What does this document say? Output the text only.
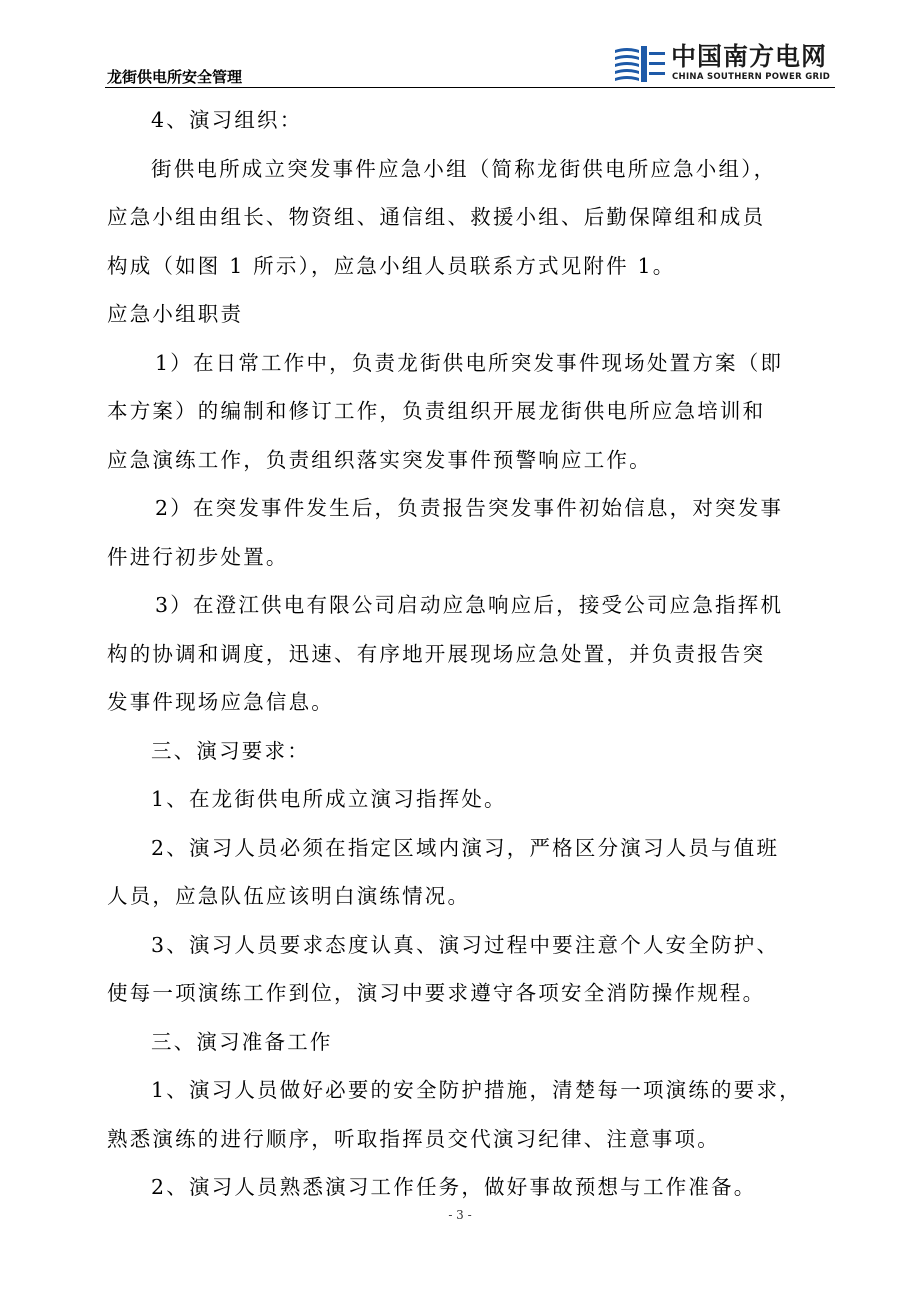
龙街供电所安全管理
中国南方电网
CHINA SOUTHERN POWER GRID
4、演习组织：
街供电所成立突发事件应急小组（简称龙街供电所应急小组），
应急小组由组长、物资组、通信组、救援小组、后勤保障组和成员
构成（如图 1 所示），应急小组人员联系方式见附件 1。
应急小组职责
1）在日常工作中，负责龙街供电所突发事件现场处置方案（即
本方案）的编制和修订工作，负责组织开展龙街供电所应急培训和
应急演练工作，负责组织落实突发事件预警响应工作。
2）在突发事件发生后，负责报告突发事件初始信息，对突发事
件进行初步处置。
3）在澄江供电有限公司启动应急响应后，接受公司应急指挥机
构的协调和调度，迅速、有序地开展现场应急处置，并负责报告突
发事件现场应急信息。
三、演习要求：
1、在龙街供电所成立演习指挥处。
2、演习人员必须在指定区域内演习，严格区分演习人员与值班
人员，应急队伍应该明白演练情况。
3、演习人员要求态度认真、演习过程中要注意个人安全防护、
使每一项演练工作到位，演习中要求遵守各项安全消防操作规程。
三、演习准备工作
1、演习人员做好必要的安全防护措施，清楚每一项演练的要求，
熟悉演练的进行顺序，听取指挥员交代演习纪律、注意事项。
2、演习人员熟悉演习工作任务，做好事故预想与工作准备。
- 3 -
